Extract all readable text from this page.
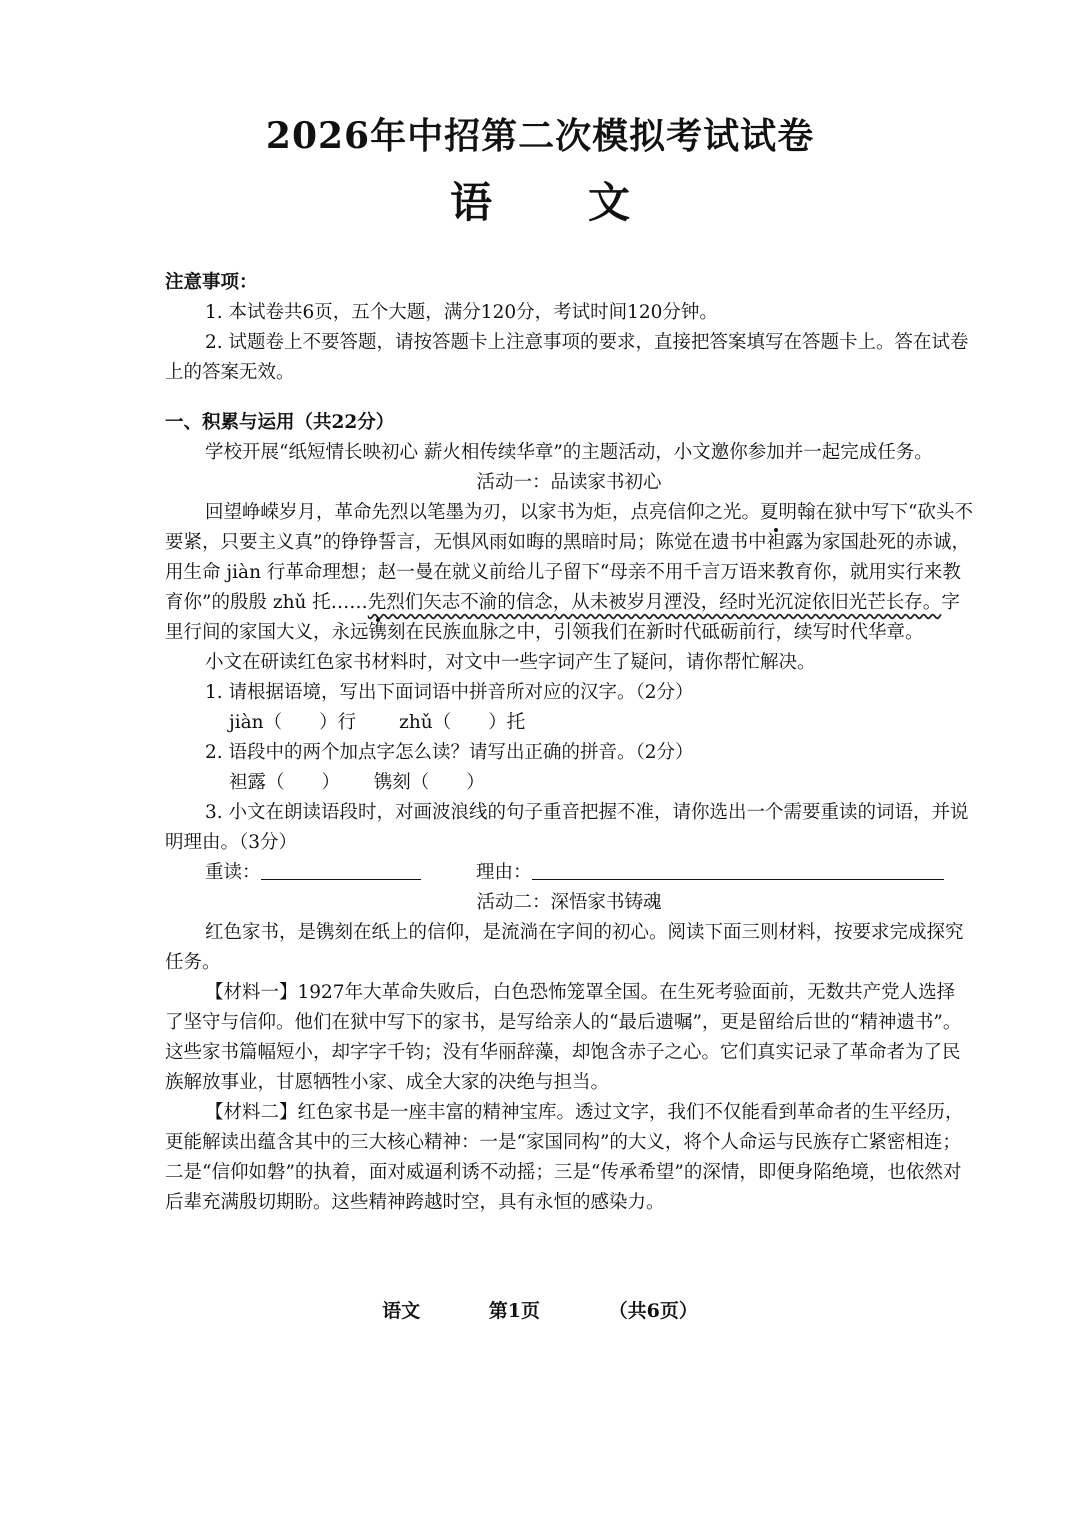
2026年中招第二次模拟考试试卷
语文

注意事项：

1. 本试卷共6页，五个大题，满分120分，考试时间120分钟。

2. 试题卷上不要答题，请按答题卡上注意事项的要求，直接把答案填写在答题卡上。答在试卷上的答案无效。

一、积累与运用（共22分）

学校开展“纸短情长映初心 薪火相传续华章”的主题活动，小文邀你参加并一起完成任务。

活动一：品读家书初心

回望峥嵘岁月，革命先烈以笔墨为刃，以家书为炬，点亮信仰之光。夏明翰在狱中写下“砍头不要紧，只要主义真”的铮铮誓言，无惧风雨如晦的黑暗时局；陈觉在遗书中袒露为家国赴死的赤诚，用生命 jiàn 行革命理想；赵一曼在就义前给儿子留下“母亲不用千言万语来教育你，就用实行来教育你”的殷殷 zhǔ 托……先烈们矢志不渝的信念，从未被岁月湮没，经时光沉淀依旧光芒长存。字里行间的家国大义，永远镌刻在民族血脉之中，引领我们在新时代砥砺前行，续写时代华章。

小文在研读红色家书材料时，对文中一些字词产生了疑问，请你帮忙解决。

1. 请根据语境，写出下面词语中拼音所对应的汉字。（2分）

jiàn（　　）行　　 zhǔ（　　）托

2. 语段中的两个加点字怎么读？请写出正确的拼音。（2分）

袒露（　　）　　 镌刻（　　）

3. 小文在朗读语段时，对画波浪线的句子重音把握不准，请你选出一个需要重读的词语，并说明理由。（3分）

重读：　　　	理由：

活动二：深悟家书铸魂

红色家书，是镌刻在纸上的信仰，是流淌在字间的初心。阅读下面三则材料，按要求完成探究任务。

【材料一】1927年大革命失败后，白色恐怖笼罩全国。在生死考验面前，无数共产党人选择了坚守与信仰。他们在狱中写下的家书，是写给亲人的“最后遗嘱”，更是留给后世的“精神遗书”。这些家书篇幅短小，却字字千钧；没有华丽辞藻，却饱含赤子之心。它们真实记录了革命者为了民族解放事业，甘愿牺牲小家、成全大家的决绝与担当。

【材料二】红色家书是一座丰富的精神宝库。透过文字，我们不仅能看到革命者的生平经历，更能解读出蕴含其中的三大核心精神：一是“家国同构”的大义，将个人命运与民族存亡紧密相连；二是“信仰如磐”的执着，面对威逼利诱不动摇；三是“传承希望”的深情，即便身陷绝境，也依然对后辈充满殷切期盼。这些精神跨越时空，具有永恒的感染力。

语文	第1页	（共6页）
